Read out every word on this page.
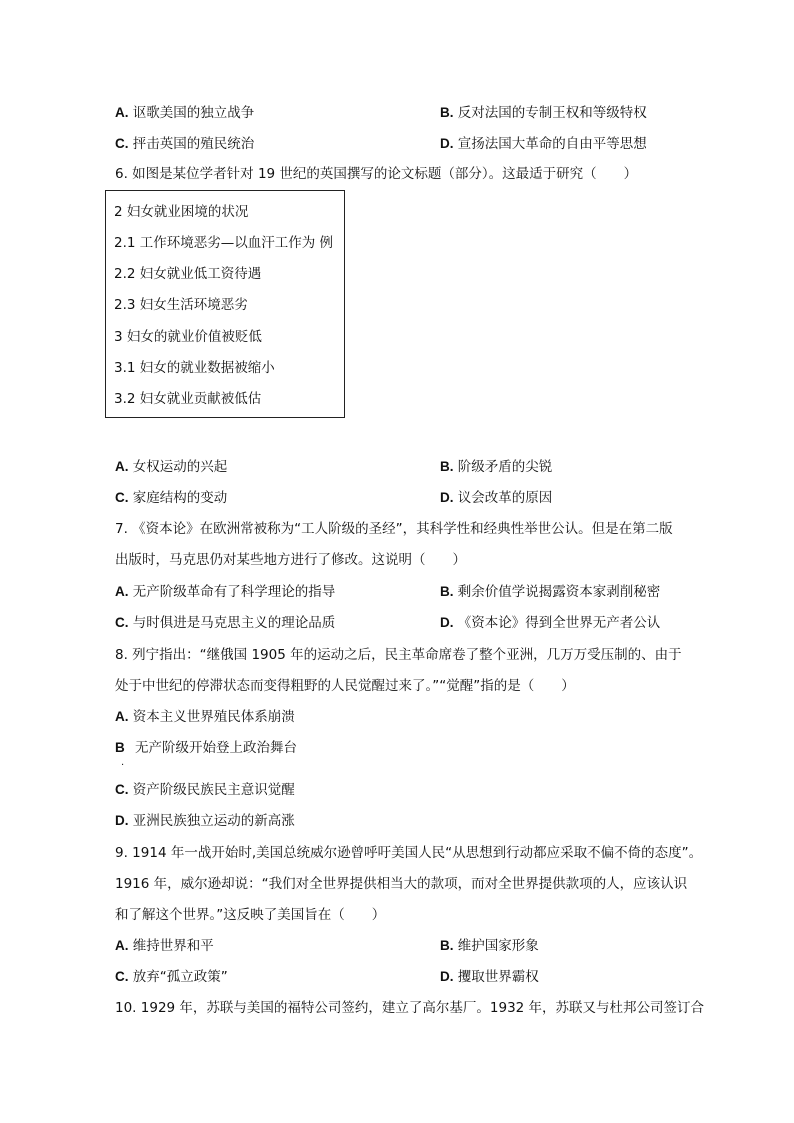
A. 讴歌美国的独立战争	B. 反对法国的专制王权和等级特权
C. 抨击英国的殖民统治	D. 宣扬法国大革命的自由平等思想
6. 如图是某位学者针对 19 世纪的英国撰写的论文标题（部分）。这最适于研究（　　）
2 妇女就业困境的状况
2.1 工作环境恶劣—以血汗工作为 例
2.2 妇女就业低工资待遇
2.3 妇女生活环境恶劣
3 妇女的就业价值被贬低
3.1 妇女的就业数据被缩小
3.2 妇女就业贡献被低估
A. 女权运动的兴起	B. 阶级矛盾的尖锐
C. 家庭结构的变动	D. 议会改革的原因
7. 《资本论》在欧洲常被称为“工人阶级的圣经”，其科学性和经典性举世公认。但是在第二版
出版时，马克思仍对某些地方进行了修改。这说明（　　）
A. 无产阶级革命有了科学理论的指导	B. 剩余价值学说揭露资本家剥削秘密
C. 与时俱进是马克思主义的理论品质	D. 《资本论》得到全世界无产者公认
8. 列宁指出：“继俄国 1905 年的运动之后，民主革命席卷了整个亚洲，几万万受压制的、由于
处于中世纪的停滞状态而变得粗野的人民觉醒过来了。”“觉醒”指的是（　　）
A. 资本主义世界殖民体系崩溃
B 无产阶级开始登上政治舞台
·
C. 资产阶级民族民主意识觉醒
D. 亚洲民族独立运动的新高涨
9. 1914 年一战开始时,美国总统威尔逊曾呼吁美国人民“从思想到行动都应采取不偏不倚的态度”。
1916 年，威尔逊却说：“我们对全世界提供相当大的款项，而对全世界提供款项的人，应该认识
和了解这个世界。”这反映了美国旨在（　　）
A. 维持世界和平	B. 维护国家形象
C. 放弃“孤立政策”	D. 攫取世界霸权
10. 1929 年，苏联与美国的福特公司签约，建立了高尔基厂。1932 年，苏联又与杜邦公司签订合
